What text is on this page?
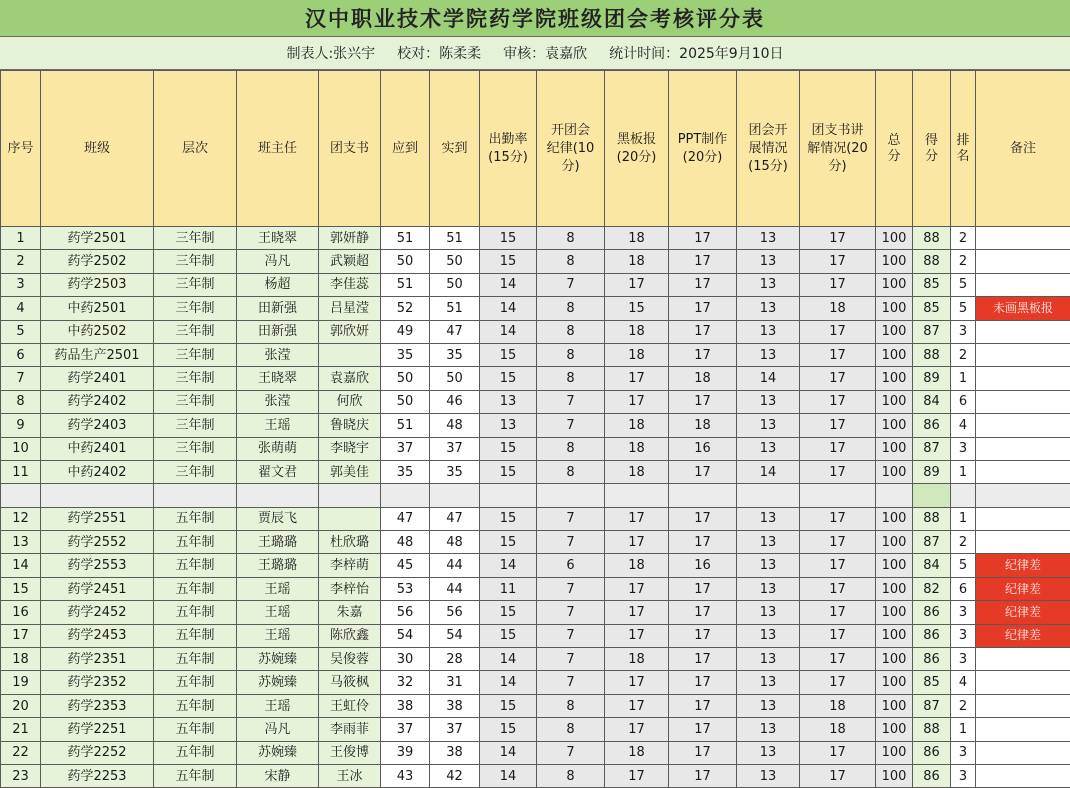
汉中职业技术学院药学院班级团会考核评分表
制表人:张兴宇 校对：陈柔柔 审核：袁嘉欣 统计时间：2025年9月10日
序号	班级	层次	班主任	团支书	应到	实到	出勤率(15分)	开团会纪律(10分)	黑板报(20分)	PPT制作(20分)	团会开展情况(15分)	团支书讲解情况(20分)	总分	得分	排名	备注
1	药学2501	三年制	王晓翠	郭妍静	51	51	15	8	18	17	13	17	100	88	2	
2	药学2502	三年制	冯凡	武颖超	50	50	15	8	18	17	13	17	100	88	2	
3	药学2503	三年制	杨超	李佳蕊	51	50	14	7	17	17	13	17	100	85	5	
4	中药2501	三年制	田新强	吕星滢	52	51	14	8	15	17	13	18	100	85	5	未画黑板报
5	中药2502	三年制	田新强	郭欣妍	49	47	14	8	18	17	13	17	100	87	3	
6	药品生产2501	三年制	张滢		35	35	15	8	18	17	13	17	100	88	2	
7	药学2401	三年制	王晓翠	袁嘉欣	50	50	15	8	17	18	14	17	100	89	1	
8	药学2402	三年制	张滢	何欣	50	46	13	7	17	17	13	17	100	84	6	
9	药学2403	三年制	王瑶	鲁晓庆	51	48	13	7	18	18	13	17	100	86	4	
10	中药2401	三年制	张萌萌	李晓宇	37	37	15	8	18	16	13	17	100	87	3	
11	中药2402	三年制	翟文君	郭美佳	35	35	15	8	18	17	14	17	100	89	1	

12	药学2551	五年制	贾辰飞		47	47	15	7	17	17	13	17	100	88	1	
13	药学2552	五年制	王璐璐	杜欣璐	48	48	15	7	17	17	13	17	100	87	2	
14	药学2553	五年制	王璐璐	李梓萌	45	44	14	6	18	16	13	17	100	84	5	纪律差
15	药学2451	五年制	王瑶	李梓怡	53	44	11	7	17	17	13	17	100	82	6	纪律差
16	药学2452	五年制	王瑶	朱嘉	56	56	15	7	17	17	13	17	100	86	3	纪律差
17	药学2453	五年制	王瑶	陈欣鑫	54	54	15	7	17	17	13	17	100	86	3	纪律差
18	药学2351	五年制	苏婉臻	吴俊蓉	30	28	14	7	18	17	13	17	100	86	3	
19	药学2352	五年制	苏婉臻	马筱枫	32	31	14	7	17	17	13	17	100	85	4	
20	药学2353	五年制	王瑶	王虹伶	38	38	15	8	17	17	13	18	100	87	2	
21	药学2251	五年制	冯凡	李雨菲	37	37	15	8	17	17	13	18	100	88	1	
22	药学2252	五年制	苏婉臻	王俊博	39	38	14	7	18	17	13	17	100	86	3	
23	药学2253	五年制	宋静	王冰	43	42	14	8	17	17	13	17	100	86	3	
